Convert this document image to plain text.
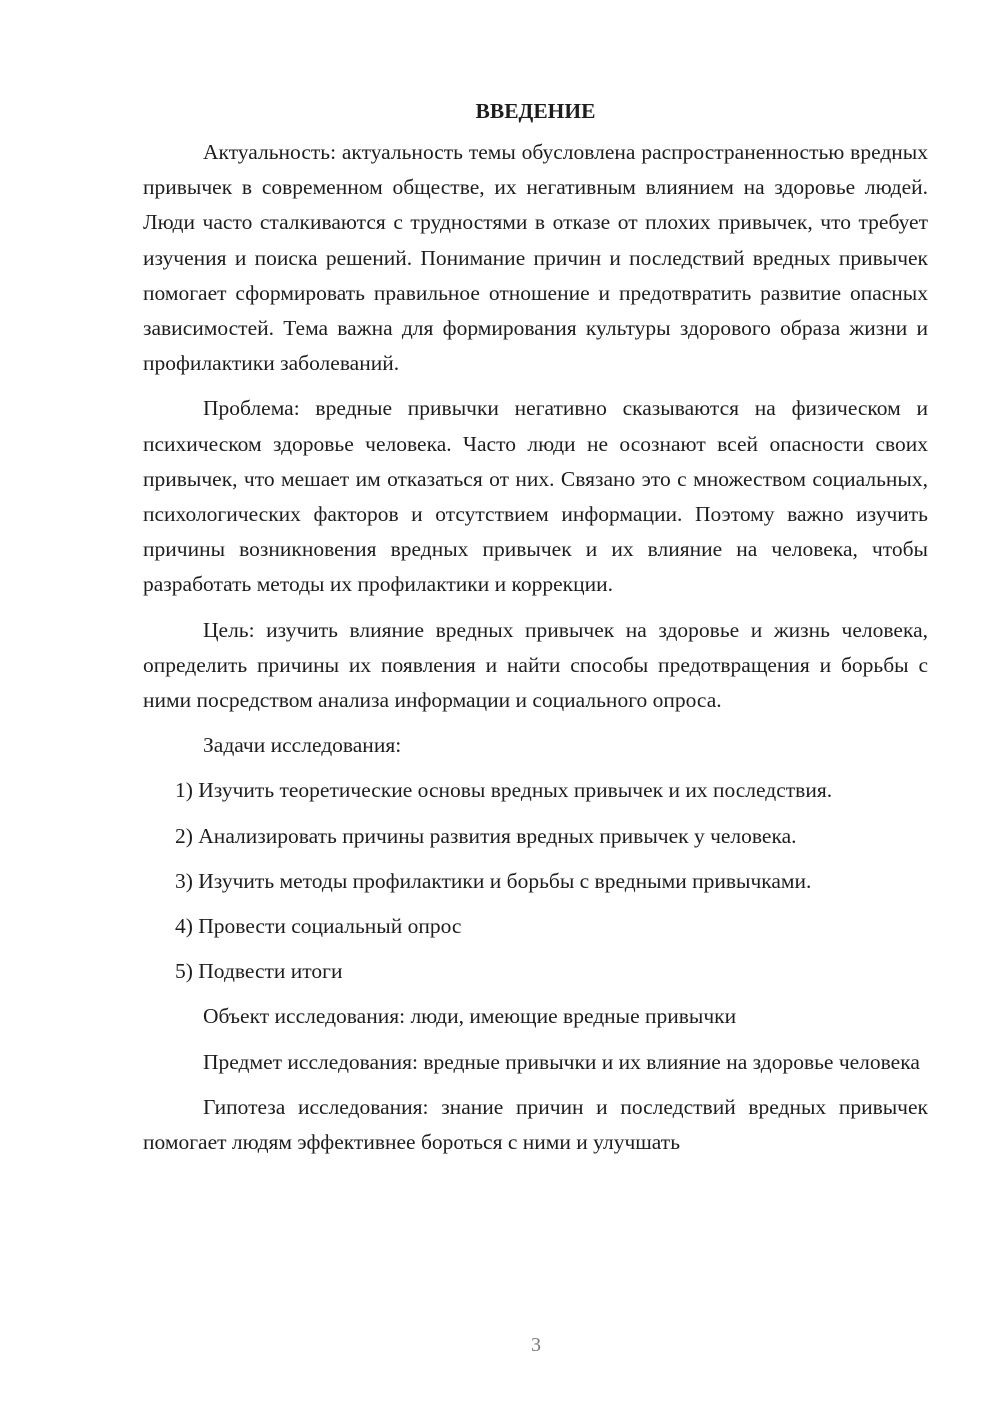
ВВЕДЕНИЕ

Актуальность: актуальность темы обусловлена распространенностью вредных привычек в современном обществе, их негативным влиянием на здоровье людей. Люди часто сталкиваются с трудностями в отказе от плохих привычек, что требует изучения и поиска решений. Понимание причин и последствий вредных привычек помогает сформировать правильное отношение и предотвратить развитие опасных зависимостей. Тема важна для формирования культуры здорового образа жизни и профилактики заболеваний.

Проблема: вредные привычки негативно сказываются на физическом и психическом здоровье человека. Часто люди не осознают всей опасности своих привычек, что мешает им отказаться от них. Связано это с множеством социальных, психологических факторов и отсутствием информации. Поэтому важно изучить причины возникновения вредных привычек и их влияние на человека, чтобы разработать методы их профилактики и коррекции.

Цель: изучить влияние вредных привычек на здоровье и жизнь человека, определить причины их появления и найти способы предотвращения и борьбы с ними посредством анализа информации и социального опроса.

Задачи исследования:

1) Изучить теоретические основы вредных привычек и их последствия.

2) Анализировать причины развития вредных привычек у человека.

3) Изучить методы профилактики и борьбы с вредными привычками.

4) Провести социальный опрос

5) Подвести итоги

Объект исследования: люди, имеющие вредные привычки

Предмет исследования: вредные привычки и их влияние на здоровье человека

Гипотеза исследования: знание причин и последствий вредных привычек помогает людям эффективнее бороться с ними и улучшать

3
